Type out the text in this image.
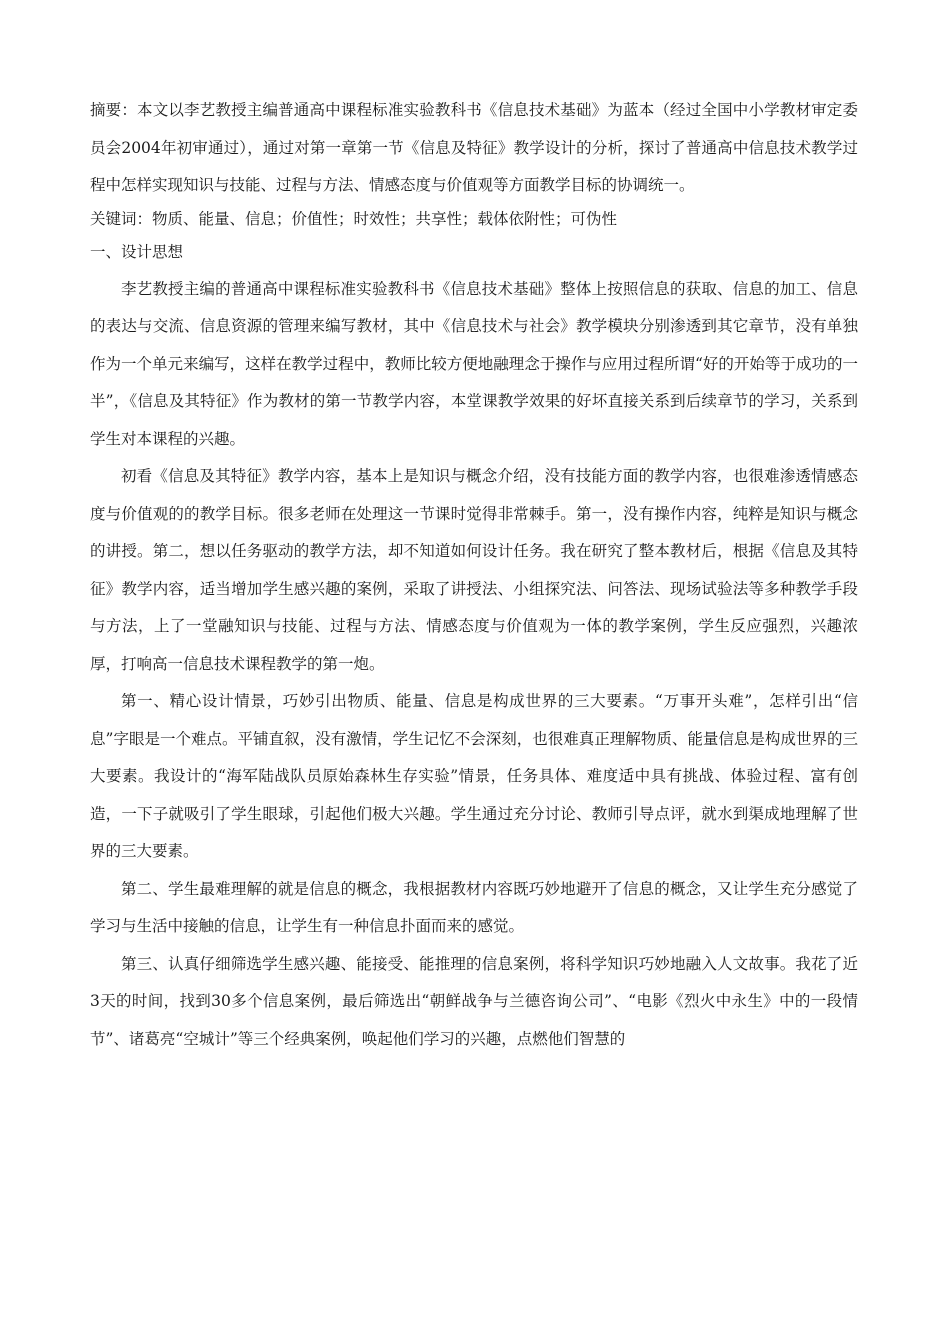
摘要：本文以李艺教授主编普通高中课程标准实验教科书《信息技术基础》为蓝本（经过全国中小学教材审定委员会2004年初审通过），通过对第一章第一节《信息及特征》教学设计的分析，探讨了普通高中信息技术教学过程中怎样实现知识与技能、过程与方法、情感态度与价值观等方面教学目标的协调统一。

关键词：物质、能量、信息；价值性；时效性；共享性；载体依附性；可伪性

一、设计思想

李艺教授主编的普通高中课程标准实验教科书《信息技术基础》整体上按照信息的获取、信息的加工、信息的表达与交流、信息资源的管理来编写教材，其中《信息技术与社会》教学模块分别渗透到其它章节，没有单独作为一个单元来编写，这样在教学过程中，教师比较方便地融理念于操作与应用过程所谓“好的开始等于成功的一半”，《信息及其特征》作为教材的第一节教学内容，本堂课教学效果的好坏直接关系到后续章节的学习，关系到学生对本课程的兴趣。

初看《信息及其特征》教学内容，基本上是知识与概念介绍，没有技能方面的教学内容，也很难渗透情感态度与价值观的的教学目标。很多老师在处理这一节课时觉得非常棘手。第一，没有操作内容，纯粹是知识与概念的讲授。第二，想以任务驱动的教学方法，却不知道如何设计任务。我在研究了整本教材后，根据《信息及其特征》教学内容，适当增加学生感兴趣的案例，采取了讲授法、小组探究法、问答法、现场试验法等多种教学手段与方法，上了一堂融知识与技能、过程与方法、情感态度与价值观为一体的教学案例，学生反应强烈，兴趣浓厚，打响高一信息技术课程教学的第一炮。

第一、精心设计情景，巧妙引出物质、能量、信息是构成世界的三大要素。“万事开头难”，怎样引出“信息”字眼是一个难点。平铺直叙，没有激情，学生记忆不会深刻，也很难真正理解物质、能量信息是构成世界的三大要素。我设计的“海军陆战队员原始森林生存实验”情景，任务具体、难度适中具有挑战、体验过程、富有创造，一下子就吸引了学生眼球，引起他们极大兴趣。学生通过充分讨论、教师引导点评，就水到渠成地理解了世界的三大要素。

第二、学生最难理解的就是信息的概念，我根据教材内容既巧妙地避开了信息的概念，又让学生充分感觉了学习与生活中接触的信息，让学生有一种信息扑面而来的感觉。

第三、认真仔细筛选学生感兴趣、能接受、能推理的信息案例，将科学知识巧妙地融入人文故事。我花了近3天的时间，找到30多个信息案例，最后筛选出“朝鲜战争与兰德咨询公司”、“电影《烈火中永生》中的一段情节”、诸葛亮“空城计”等三个经典案例，唤起他们学习的兴趣，点燃他们智慧的
